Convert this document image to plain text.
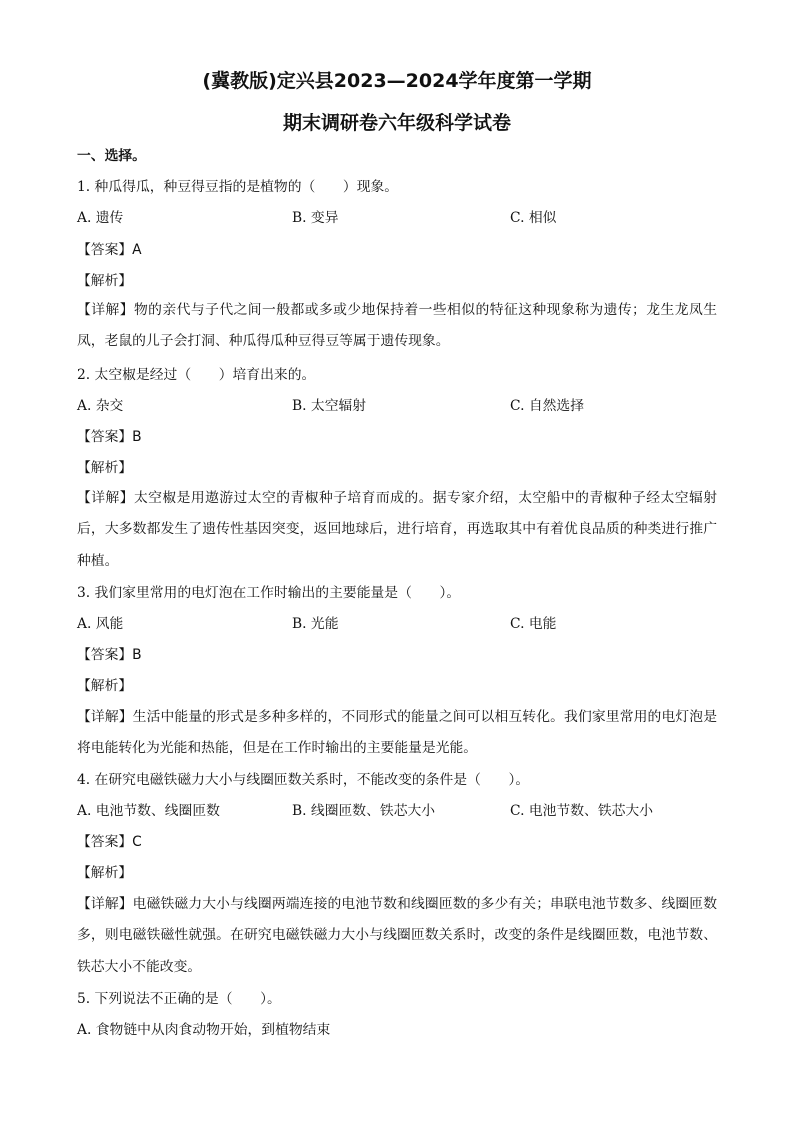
(冀教版)定兴县2023—2024学年度第一学期
期末调研卷六年级科学试卷
一、选择。
1. 种瓜得瓜，种豆得豆指的是植物的（　　）现象。
A. 遗传	B. 变异	C. 相似
【答案】A
【解析】
【详解】物的亲代与子代之间一般都或多或少地保持着一些相似的特征这种现象称为遗传；龙生龙凤生凤，老鼠的儿子会打洞、种瓜得瓜种豆得豆等属于遗传现象。
2. 太空椒是经过（　　）培育出来的。
A. 杂交	B. 太空辐射	C. 自然选择
【答案】B
【解析】
【详解】太空椒是用遨游过太空的青椒种子培育而成的。据专家介绍，太空船中的青椒种子经太空辐射后，大多数都发生了遗传性基因突变，返回地球后，进行培育，再选取其中有着优良品质的种类进行推广种植。
3. 我们家里常用的电灯泡在工作时输出的主要能量是（　　）。
A. 风能	B. 光能	C. 电能
【答案】B
【解析】
【详解】生活中能量的形式是多种多样的，不同形式的能量之间可以相互转化。我们家里常用的电灯泡是将电能转化为光能和热能，但是在工作时输出的主要能量是光能。
4. 在研究电磁铁磁力大小与线圈匝数关系时，不能改变的条件是（　　）。
A. 电池节数、线圈匝数	B. 线圈匝数、铁芯大小	C. 电池节数、铁芯大小
【答案】C
【解析】
【详解】电磁铁磁力大小与线圈两端连接的电池节数和线圈匝数的多少有关；串联电池节数多、线圈匝数多，则电磁铁磁性就强。在研究电磁铁磁力大小与线圈匝数关系时，改变的条件是线圈匝数，电池节数、铁芯大小不能改变。
5. 下列说法不正确的是（　　）。
A. 食物链中从肉食动物开始，到植物结束
